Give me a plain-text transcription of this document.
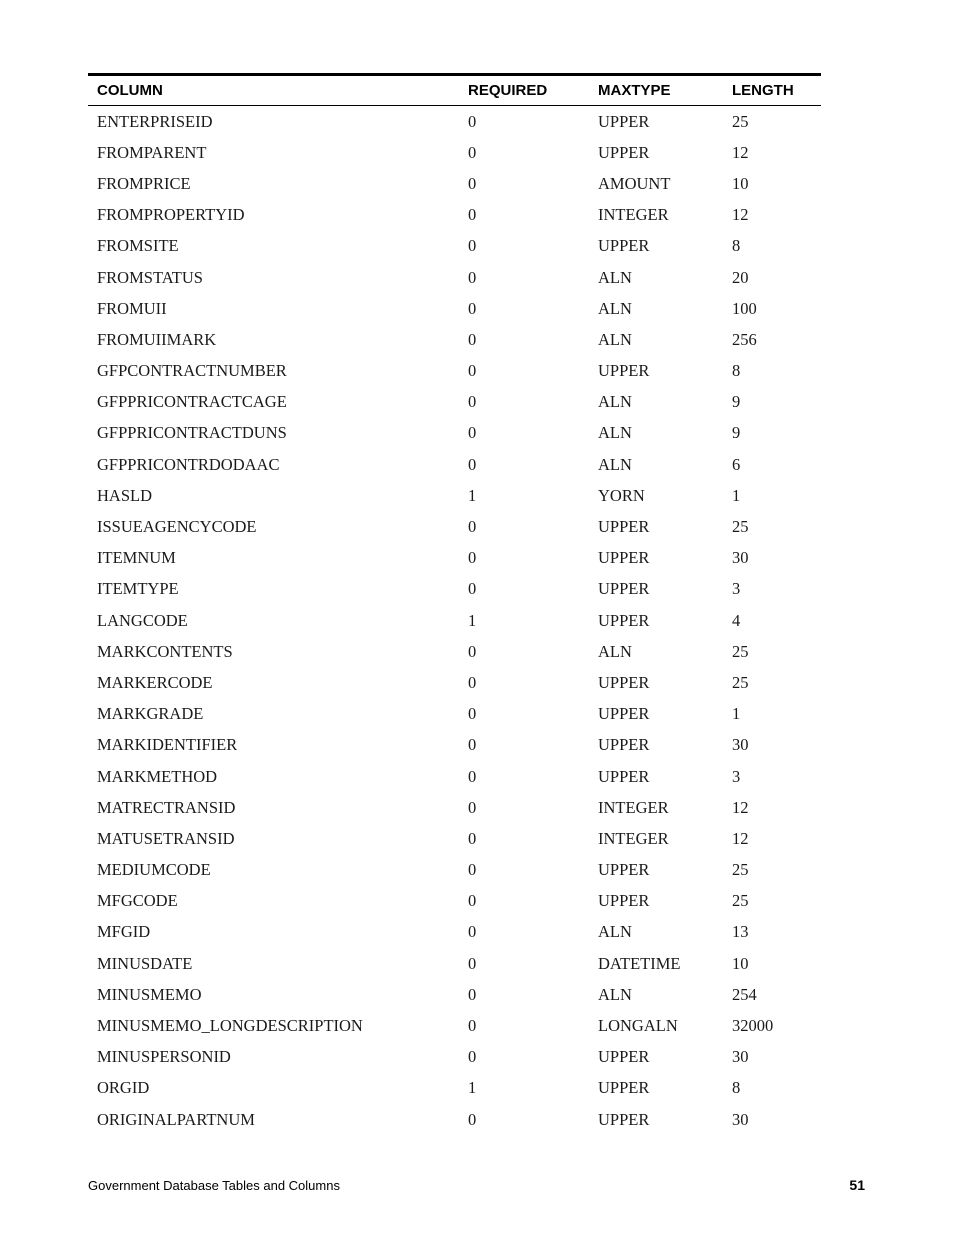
COLUMN	REQUIRED	MAXTYPE	LENGTH
ENTERPRISEID	0	UPPER	25
FROMPARENT	0	UPPER	12
FROMPRICE	0	AMOUNT	10
FROMPROPERTYID	0	INTEGER	12
FROMSITE	0	UPPER	8
FROMSTATUS	0	ALN	20
FROMUII	0	ALN	100
FROMUIIMARK	0	ALN	256
GFPCONTRACTNUMBER	0	UPPER	8
GFPPRICONTRACTCAGE	0	ALN	9
GFPPRICONTRACTDUNS	0	ALN	9
GFPPRICONTRDODAAC	0	ALN	6
HASLD	1	YORN	1
ISSUEAGENCYCODE	0	UPPER	25
ITEMNUM	0	UPPER	30
ITEMTYPE	0	UPPER	3
LANGCODE	1	UPPER	4
MARKCONTENTS	0	ALN	25
MARKERCODE	0	UPPER	25
MARKGRADE	0	UPPER	1
MARKIDENTIFIER	0	UPPER	30
MARKMETHOD	0	UPPER	3
MATRECTRANSID	0	INTEGER	12
MATUSETRANSID	0	INTEGER	12
MEDIUMCODE	0	UPPER	25
MFGCODE	0	UPPER	25
MFGID	0	ALN	13
MINUSDATE	0	DATETIME	10
MINUSMEMO	0	ALN	254
MINUSMEMO_LONGDESCRIPTION	0	LONGALN	32000
MINUSPERSONID	0	UPPER	30
ORGID	1	UPPER	8
ORIGINALPARTNUM	0	UPPER	30
Government Database Tables and Columns	51
